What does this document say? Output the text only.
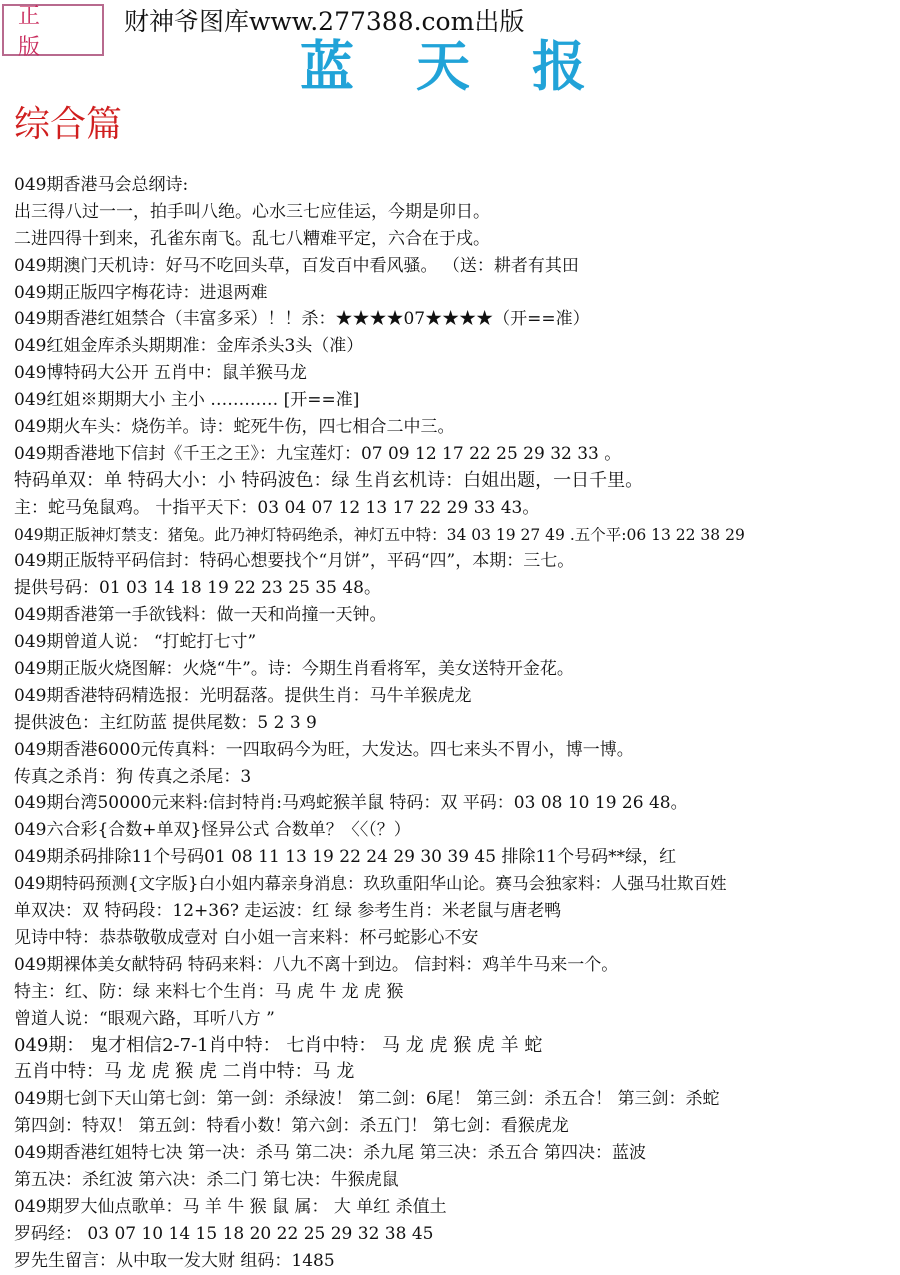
正 版
财神爷图库www.277388.com出版
蓝天报
综合篇
049期香港马会总纲诗:
出三得八过一一，拍手叫八绝。心水三七应佳运，今期是卯日。
二进四得十到来，孔雀东南飞。乱七八糟难平定，六合在于戌。
049期澳门天机诗：好马不吃回头草，百发百中看风骚。 （送：耕者有其田
049期正版四字梅花诗：进退两难
049期香港红姐禁合（丰富多采）！！杀：★★★★07★★★★（开==准）
049红姐金库杀头期期准：金库杀头3头（准）
049博特码大公开 五肖中：鼠羊猴马龙
049红姐※期期大小 主小 ………… [开==准]
049期火车头：烧伤羊。诗：蛇死牛伤，四七相合二中三。
049期香港地下信封《千王之王》：九宝莲灯：07 09 12 17 22 25 29 32 33 。
特码单双：单 特码大小：小 特码波色：绿 生肖玄机诗：白姐出题，一日千里。
主：蛇马兔鼠鸡。 十指平天下：03 04 07 12 13 17 22 29 33 43。
049期正版神灯禁支：猪兔。此乃神灯特码绝杀，神灯五中特：34 03 19 27 49 .五个平:06 13 22 38 29
049期正版特平码信封：特码心想要找个“月饼”，平码“四”，本期：三七。
提供号码：01 03 14 18 19 22 23 25 35 48。
049期香港第一手欲钱料：做一天和尚撞一天钟。
049期曾道人说： “打蛇打七寸”
049期正版火烧图解：火烧“牛”。诗：今期生肖看将军，美女送特开金花。
049期香港特码精选报：光明磊落。提供生肖：马牛羊猴虎龙
提供波色：主红防蓝 提供尾数：5 2 3 9
049期香港6000元传真料：一四取码今为旺，大发达。四七来头不胃小，博一博。
传真之杀肖：狗 传真之杀尾：3
049期台湾50000元来料:信封特肖:马鸡蛇猴羊鼠 特码：双 平码：03 08 10 19 26 48。
049六合彩{合数+单双}怪异公式 合数单？〈〈（？）
049期杀码排除11个号码01 08 11 13 19 22 24 29 30 39 45 排除11个号码**绿，红
049期特码预测{文字版}白小姐内幕亲身消息：玖玖重阳华山论。赛马会独家料：人强马壮欺百姓
单双决：双 特码段：12+36? 走运波：红 绿 参考生肖：米老鼠与唐老鸭
见诗中特：恭恭敬敬成壹对 白小姐一言来料：杯弓蛇影心不安
049期裸体美女献特码 特码来料：八九不离十到边。 信封料：鸡羊牛马来一个。
特主：红、防：绿 来料七个生肖：马 虎 牛 龙 虎 猴
曾道人说：“眼观六路，耳听八方 ”
049期： 鬼才相信2-7-1肖中特： 七肖中特： 马 龙 虎 猴 虎 羊 蛇
五肖中特：马 龙 虎 猴 虎 二肖中特：马 龙
049期七剑下天山第七剑：第一剑：杀绿波！ 第二剑：6尾！ 第三剑：杀五合！ 第三剑：杀蛇
第四剑：特双！ 第五剑：特看小数！第六剑：杀五门！ 第七剑：看猴虎龙
049期香港红姐特七决 第一决：杀马 第二决：杀九尾 第三决：杀五合 第四决：蓝波
第五决：杀红波 第六决：杀二门 第七决：牛猴虎鼠
049期罗大仙点歌单：马 羊 牛 猴 鼠 属： 大 单红 杀值土
罗码经： 03 07 10 14 15 18 20 22 25 29 32 38 45
罗先生留言：从中取一发大财 组码：1485
